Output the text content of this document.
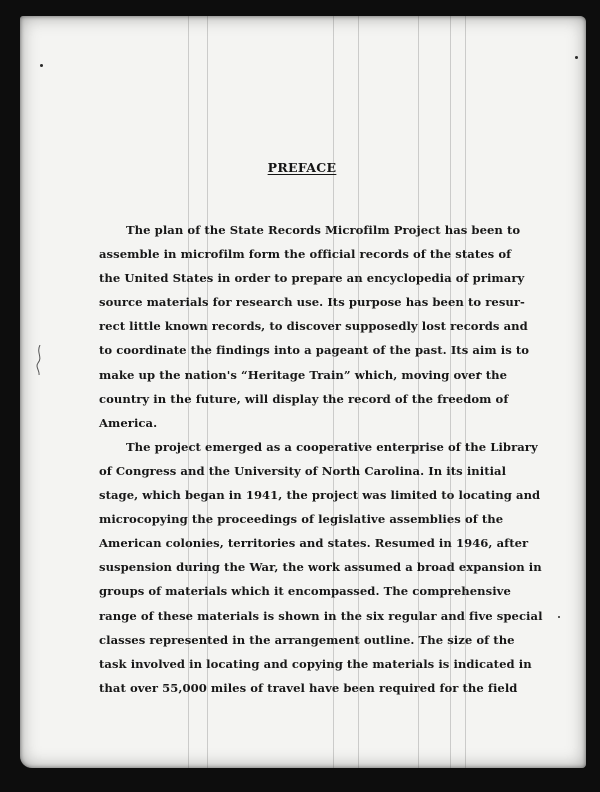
PREFACE
The plan of the State Records Microfilm Project has been to
assemble in microfilm form the official records of the states of
the United States in order to prepare an encyclopedia of primary
source materials for research use. Its purpose has been to resur-
rect little known records, to discover supposedly lost records and
to coordinate the findings into a pageant of the past. Its aim is to
make up the nation's “Heritage Train” which, moving over the
country in the future, will display the record of the freedom of
America.
The project emerged as a cooperative enterprise of the Library
of Congress and the University of North Carolina. In its initial
stage, which began in 1941, the project was limited to locating and
microcopying the proceedings of legislative assemblies of the
American colonies, territories and states. Resumed in 1946, after
suspension during the War, the work assumed a broad expansion in
groups of materials which it encompassed. The comprehensive
range of these materials is shown in the six regular and five special
classes represented in the arrangement outline. The size of the
task involved in locating and copying the materials is indicated in
that over 55,000 miles of travel have been required for the field
